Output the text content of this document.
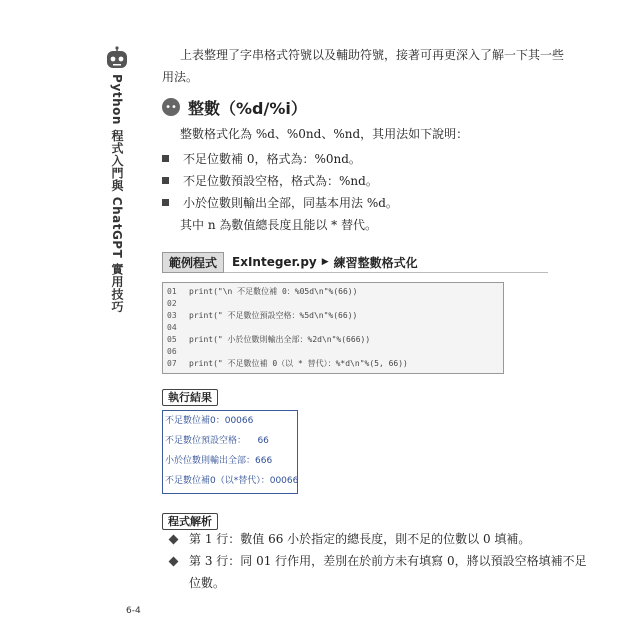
Python 程式入門與 ChatGPT 實用技巧
上表整理了字串格式符號以及輔助符號，接著可再更深入了解一下其一些
用法。
•• 整數（%d/%i）
整數格式化為 %d、%0nd、%nd，其用法如下說明：
不足位數補 0，格式為：%0nd。
不足位數預設空格，格式為：%nd。
小於位數則輸出全部，同基本用法 %d。
其中 n 為數值總長度且能以 * 替代。
範例程式	ExInteger.py ▶ 練習整數格式化
01 print("\n 不足數位補 0：%05d\n"%(66))
02
03 print(" 不足數位預設空格：%5d\n"%(66))
04
05 print(" 小於位數則輸出全部：%2d\n"%(666))
06
07 print(" 不足數位補 0（以 * 替代）：%*d\n"%(5, 66))
執行結果
不足數位補0：00066
不足數位預設空格：    66
小於位數則輸出全部：666
不足數位補0（以*替代）：00066
程式解析
第 1 行：數值 66 小於指定的總長度，則不足的位數以 0 填補。
第 3 行：同 01 行作用，差別在於前方未有填寫 0，將以預設空格填補不足
位數。
6-4
